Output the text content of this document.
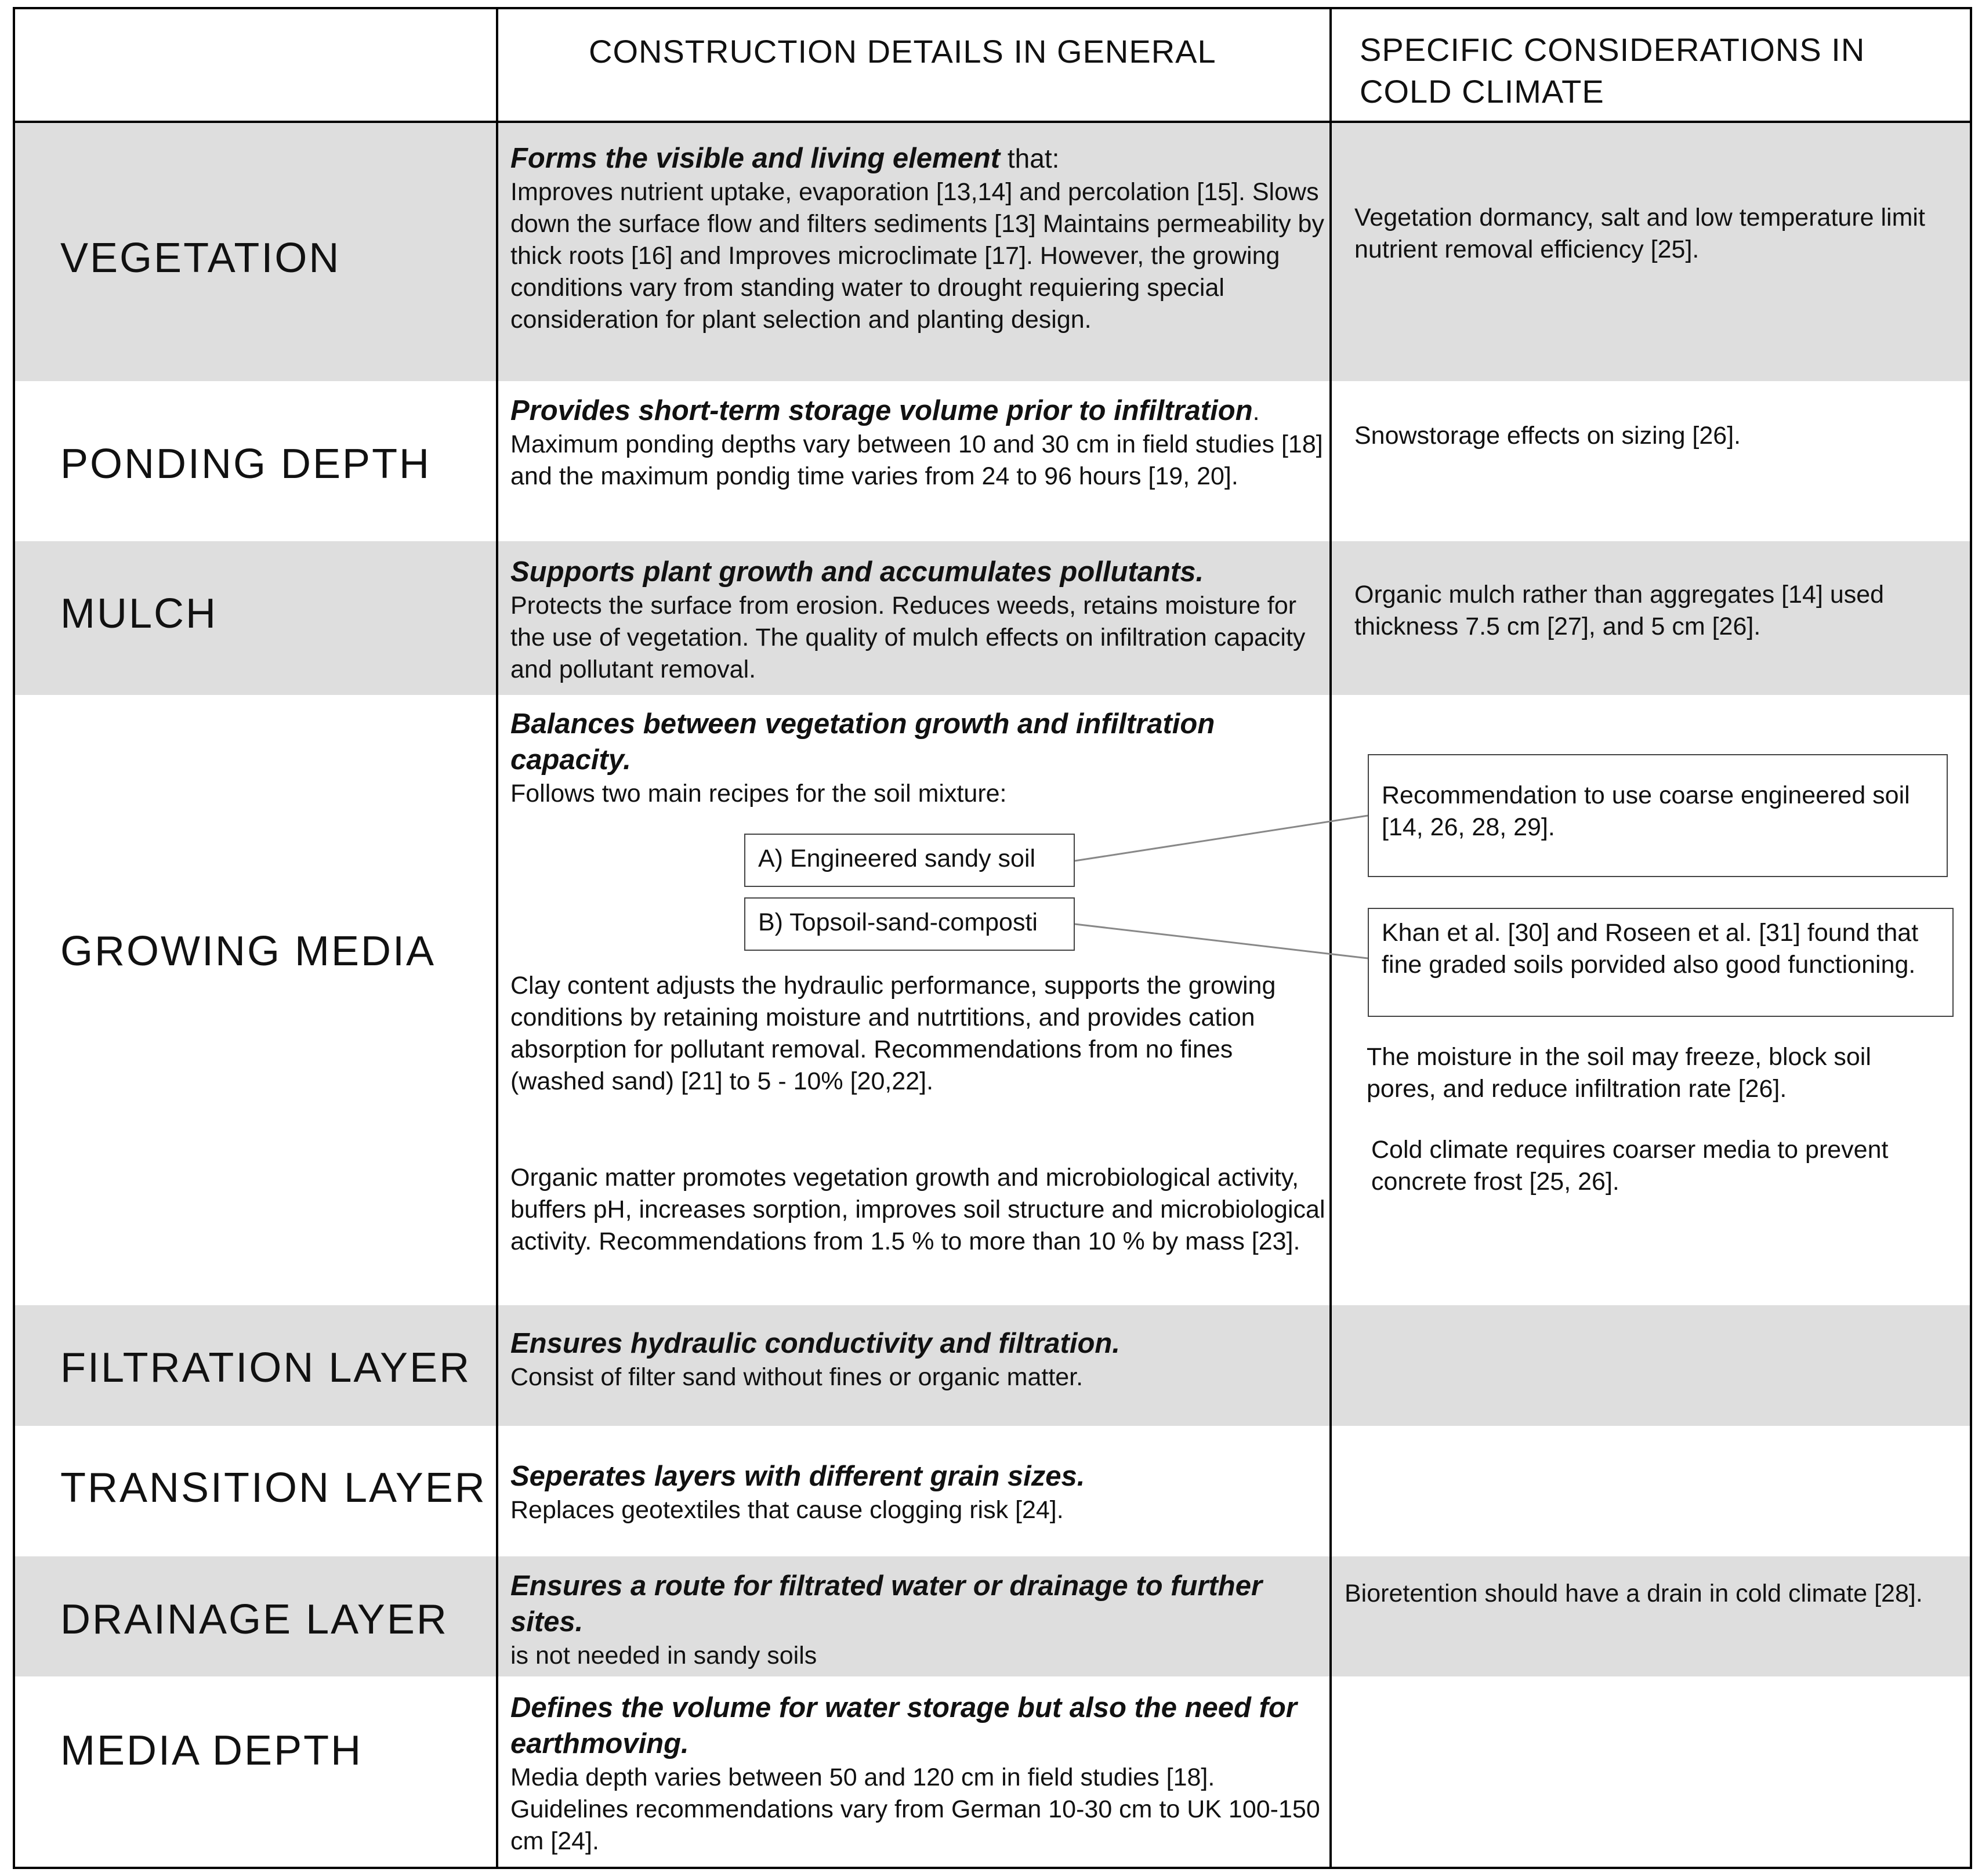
CONSTRUCTION DETAILS IN GENERAL	SPECIFIC CONSIDERATIONS IN
COLD CLIMATE
VEGETATION

Forms the visible and living element that:

Improves nutrient uptake, evaporation [13,14] and percolation [15]. Slows down the surface flow and filters sediments [13] Maintains permeability by thick roots [16] and Improves microclimate [17]. However, the growing conditions vary from standing water to drought requiering special consideration for plant selection and planting design.

Vegetation dormancy, salt and low temperature limit nutrient removal efficiency [25].
PONDING DEPTH

Provides short-term storage volume prior to infiltration. Maximum ponding depths vary between 10 and 30 cm in field studies [18] and the maximum pondig time varies from 24 to 96 hours [19, 20].

Snowstorage effects on sizing [26].
MULCH

Supports plant growth and accumulates pollutants.

Protects the surface from erosion. Reduces weeds, retains moisture for the use of vegetation. The quality of mulch effects on infiltration capacity and pollutant removal.

Organic mulch rather than aggregates [14] used thickness 7.5 cm [27], and 5 cm [26].
GROWING MEDIA

Balances between vegetation growth and infiltration capacity.

Follows two main recipes for the soil mixture:

A) Engineered sandy soil
B) Topsoil-sand-composti
Clay content adjusts the hydraulic performance, supports the growing conditions by retaining moisture and nutrtitions, and provides cation absorption for pollutant removal. Recommendations from no fines (washed sand) [21] to 5 - 10% [20,22].
Organic matter promotes vegetation growth and microbiological activity, buffers pH, increases sorption, improves soil structure and microbiological activity. Recommendations from 1.5 % to more than 10 % by mass [23].
Recommendation to use coarse engineered soil [14, 26, 28, 29].
Khan et al. [30] and Roseen et al. [31] found that fine graded soils porvided also good functioning.
The moisture in the soil may freeze, block soil pores, and reduce infiltration rate [26].
Cold climate requires coarser media to prevent concrete frost [25, 26].
FILTRATION LAYER

Ensures hydraulic conductivity and filtration.

Consist of filter sand without fines or organic matter.

TRANSITION LAYER Seperates layers with different grain sizes.

Replaces geotextiles that cause clogging risk [24].

DRAINAGE LAYER

Ensures a route for filtrated water or drainage to further sites.

is not needed in sandy soils

Bioretention should have a drain in cold climate [28].
MEDIA DEPTH

Defines the volume for water storage but also the need for earthmoving.

Media depth varies between 50 and 120 cm in field studies [18]. Guidelines recommendations vary from German 10-30 cm to UK 100-150 cm [24].
